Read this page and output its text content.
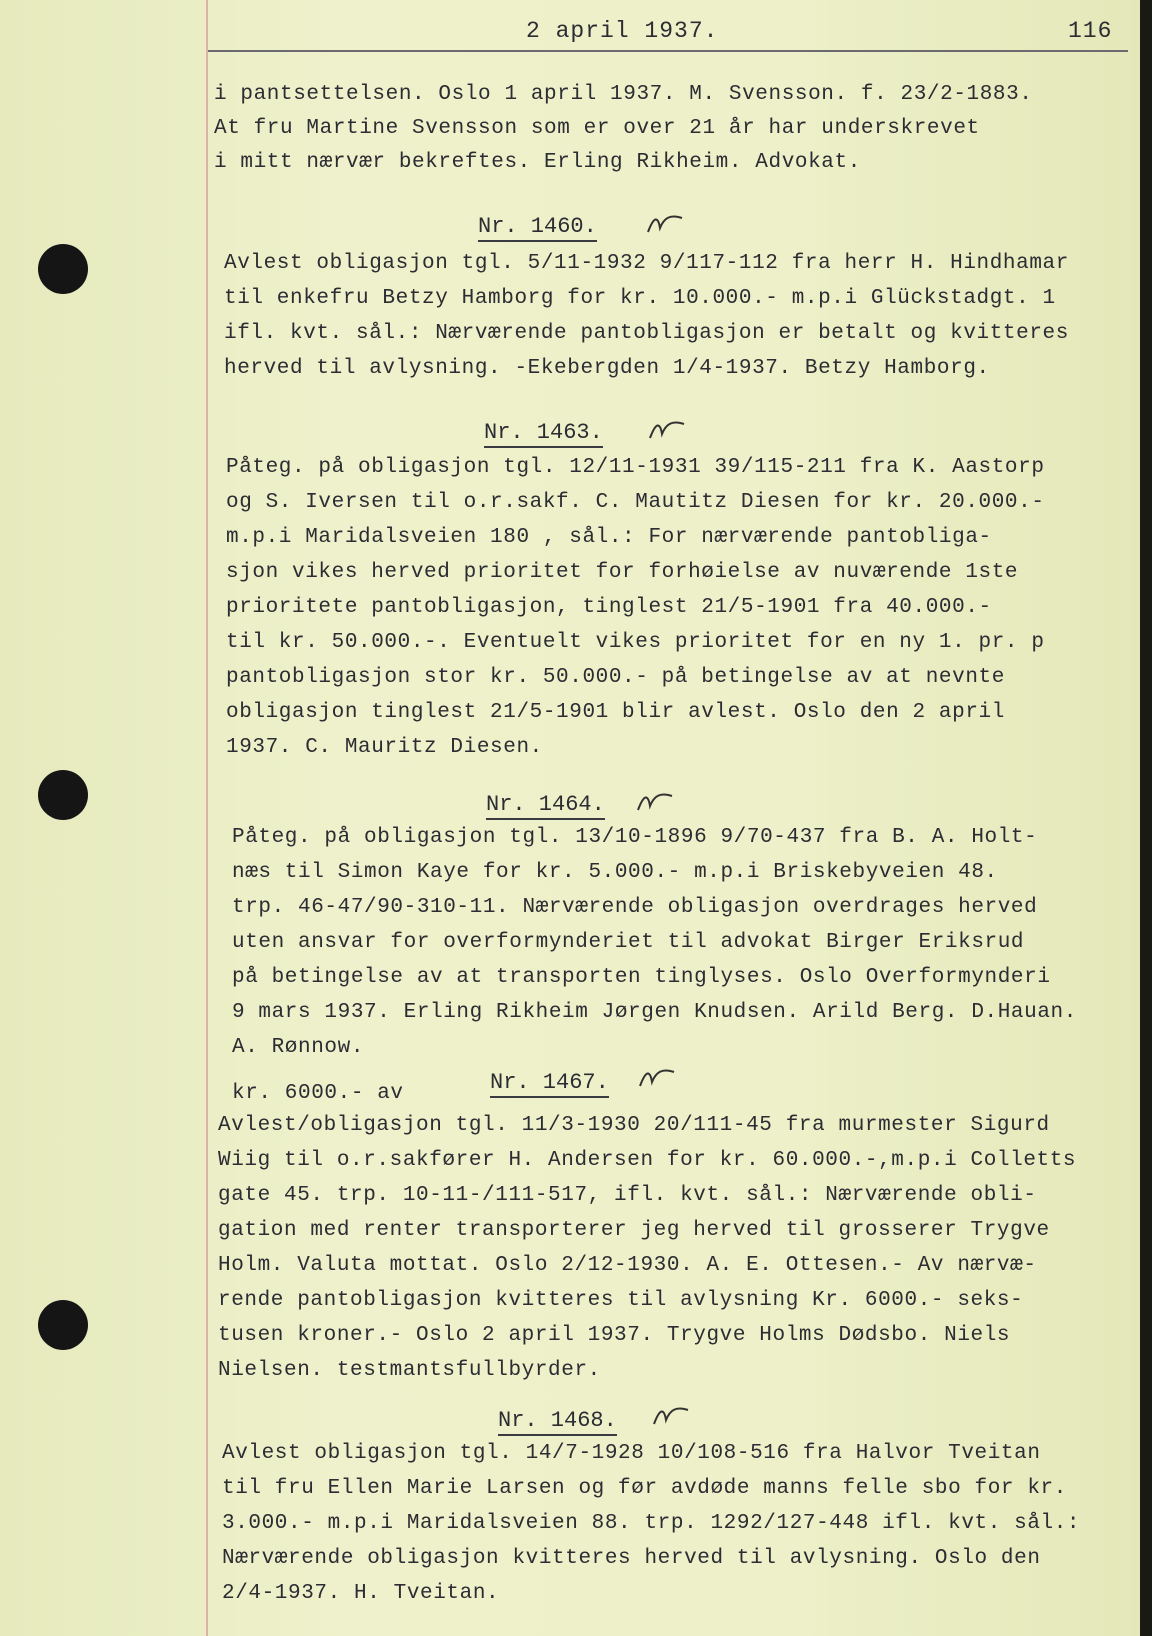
2 april 1937.	116
i pantsettelsen. Oslo 1 april 1937. M. Svensson. f. 23/2-1883.
At fru Martine Svensson som er over 21 år har underskrevet
i mitt nærvær bekreftes. Erling Rikheim. Advokat.
Nr. 1460.
Avlest obligasjon tgl. 5/11-1932 9/117-112 fra herr H. Hindhamar
til enkefru Betzy Hamborg for kr. 10.000.- m.p.i Glückstadgt. 1
ifl. kvt. sål.: Nærværende pantobligasjon er betalt og kvitteres
herved til avlysning. -Ekebergden 1/4-1937. Betzy Hamborg.
Nr. 1463.
Påteg. på obligasjon tgl. 12/11-1931 39/115-211 fra K. Aastorp
og S. Iversen til o.r.sakf. C. Mautitz Diesen for kr. 20.000.-
m.p.i Maridalsveien 180 , sål.: For nærværende pantobliga-
sjon vikes herved prioritet for forhøielse av nuværende 1ste
prioritete pantobligasjon, tinglest 21/5-1901 fra 40.000.-
til kr. 50.000.-. Eventuelt vikes prioritet for en ny 1. pr. p
pantobligasjon stor kr. 50.000.- på betingelse av at nevnte
obligasjon tinglest 21/5-1901 blir avlest. Oslo den 2 april
1937. C. Mauritz Diesen.
Nr. 1464.
Påteg. på obligasjon tgl. 13/10-1896 9/70-437 fra B. A. Holt-
næs til Simon Kaye for kr. 5.000.- m.p.i Briskebyveien 48.
trp. 46-47/90-310-11. Nærværende obligasjon overdrages herved
uten ansvar for overformynderiet til advokat Birger Eriksrud
på betingelse av at transporten tinglyses. Oslo Overformynderi
9 mars 1937. Erling Rikheim Jørgen Knudsen. Arild Berg. D.Hauan.
A. Rønnow.
kr. 6000.- av	Nr. 1467.
Avlest/obligasjon tgl. 11/3-1930 20/111-45 fra murmester Sigurd
Wiig til o.r.sakfører H. Andersen for kr. 60.000.-,m.p.i Colletts
gate 45. trp. 10-11-/111-517, ifl. kvt. sål.: Nærværende obli-
gation med renter transporterer jeg herved til grosserer Trygve
Holm. Valuta mottat. Oslo 2/12-1930. A. E. Ottesen.- Av nærvæ-
rende pantobligasjon kvitteres til avlysning Kr. 6000.- seks-
tusen kroner.- Oslo 2 april 1937. Trygve Holms Dødsbo. Niels
Nielsen. testmantsfullbyrder.
Nr. 1468.
Avlest obligasjon tgl. 14/7-1928 10/108-516 fra Halvor Tveitan
til fru Ellen Marie Larsen og før avdøde manns felle sbo for kr.
3.000.- m.p.i Maridalsveien 88. trp. 1292/127-448 ifl. kvt. sål.:
Nærværende obligasjon kvitteres herved til avlysning. Oslo den
2/4-1937. H. Tveitan.
